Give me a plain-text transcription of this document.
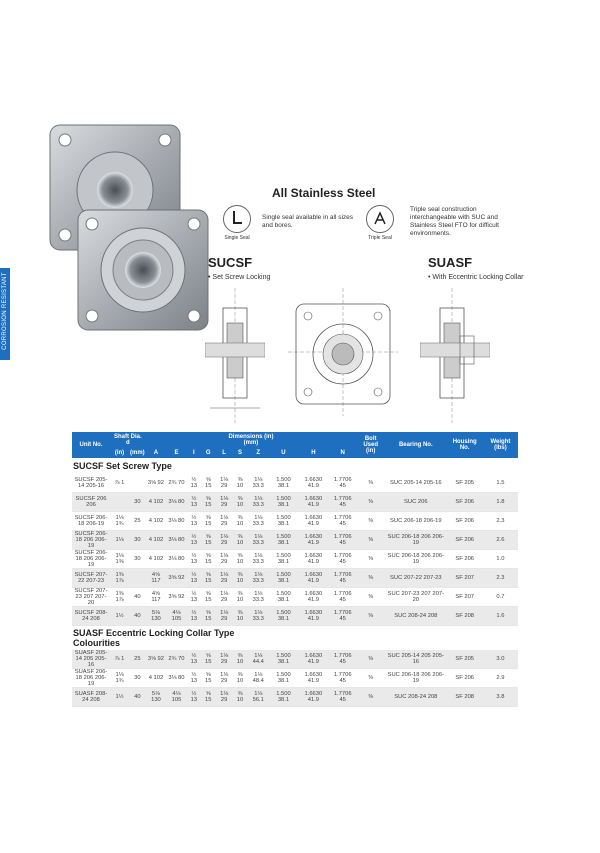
CORROSION RESISTANT
All Stainless Steel
Single Seal
Single seal available in all sizes and bores.
Triple Seal
Triple seal construction interchangeable with SUC and Stainless Steel FTO for difficult environments.
SUCSF
• Set Screw Locking
SUASF
• With Eccentric Locking Collar
Unit No.	Shaft Dia.
d		Dimensions (in)
(mm)										Bolt Used
(in)	Bearing No.	Housing No.	Weight (lbs)
	(in)	(mm)	A	E	I	G	L	S	Z	U	H	N				
SUCSF Set Screw Type																
SUCSF 205-14 205-16	⅞ 1		3⅝ 92	2¾ 70	½ 13	⅝ 15	1⅛ 29	⅜ 10	1⅛ 33.3	1.500 38.1	1.6630 41.9	1.7706 45	⅜	SUC 205-14 205-16	SF 205	1.5
SUCSF 206 206		30	4 102	3⅛ 80	½ 13	⅝ 15	1⅛ 29	⅜ 10	1⅛ 33.3	1.500 38.1	1.6630 41.9	1.7706 45	⅜	SUC 206	SF 206	1.8
SUCSF 206-18 206-19	1⅛ 1¾	25	4 102	3⅛ 80	½ 13	⅝ 15	1⅛ 29	⅜ 10	1⅛ 33.3	1.500 38.1	1.6630 41.9	1.7706 45	⅜	SUC 206-18 206-19	SF 206	2.3
SUCSF 206-18 206 206-19	1⅛	30	4 102	3⅛ 80	½ 13	⅝ 15	1⅛ 29	⅜ 10	1⅛ 33.3	1.500 38.1	1.6630 41.9	1.7706 45	⅜	SUC 206-18 206 206-19	SF 206	2.6
SUCSF 206-18 206 206-19	1⅛ 1⅜	30	4 102	3⅛ 80	½ 13	⅝ 15	1⅛ 29	⅜ 10	1⅛ 33.3	1.500 38.1	1.6630 41.9	1.7706 45	⅜	SUC 206-18 206 206-19	SF 206	1.0
SUCSF 207-22 207-23	1⅜ 1⅞		4⅝ 117	3⅝ 92	½ 13	⅝ 15	1⅛ 29	⅜ 10	1⅛ 33.3	1.500 38.1	1.6630 41.9	1.7706 45	⅜	SUC 207-22 207-23	SF 207	2.3
SUCSF 207-23 207 207-20	1⅜ 1⅞	40	4⅝ 117	3⅝ 92	½ 13	⅝ 15	1⅛ 29	⅜ 10	1⅛ 33.3	1.500 38.1	1.6630 41.9	1.7706 45	⅜	SUC 207-23 207 207-20	SF 207	0.7
SUCSF 208-24 208	1½	40	5⅛ 130	4⅛ 105	½ 13	⅝ 15	1⅛ 29	⅜ 10	1⅛ 33.3	1.500 38.1	1.6630 41.9	1.7706 45	⅜	SUC 208-24 208	SF 208	1.6
SUASF Eccentric Locking Collar Type
Colourities																
SUASF 205-14 205 205-16	⅞ 1	25	3⅝ 92	2¾ 70	½ 13	⅝ 15	1⅛ 29	⅜ 10	1⅛ 44.4	1.500 38.1	1.6630 41.9	1.7706 45	⅜	SUC 205-14 205 205-16	SF 205	3.0
SUASF 206-18 206 206-19	1⅛ 1¾	30	4 102	3⅛ 80	½ 13	⅝ 15	1⅛ 29	⅜ 10	1⅛ 48.4	1.500 38.1	1.6630 41.9	1.7706 45	⅜	SUC 206-18 206 206-19	SF 206	2.9
SUASF 208-24 208	1½	40	5⅛ 130	4⅛ 105	½ 13	⅝ 15	1⅛ 29	⅜ 10	1⅛ 56.1	1.500 38.1	1.6630 41.9	1.7706 45	⅜	SUC 208-24 208	SF 208	3.8
